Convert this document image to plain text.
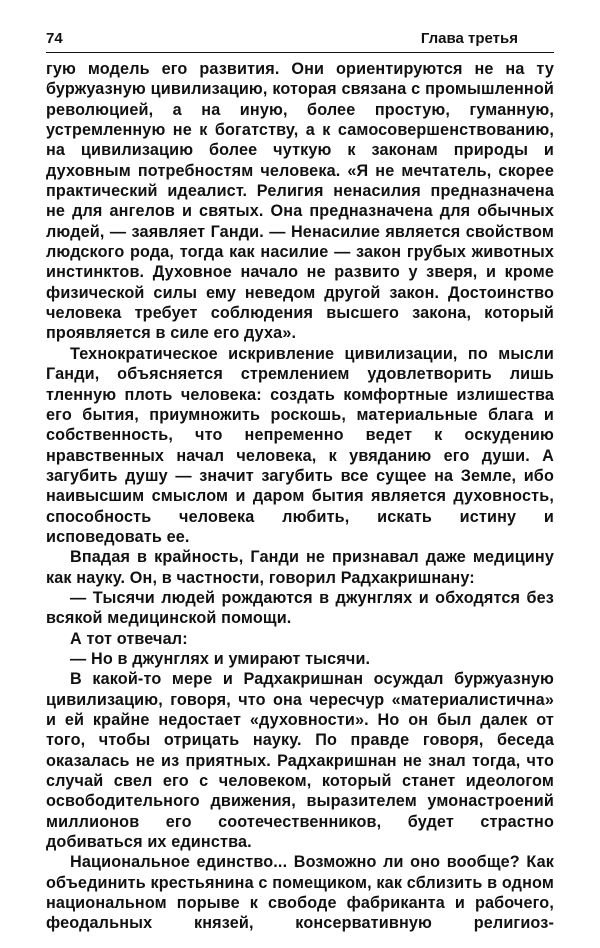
74	Глава третья

гую модель его развития. Они ориентируются не на ту буржуазную цивилизацию, которая связана с промышленной революцией, а на иную, более простую, гуманную, устремленную не к богатству, а к самосовершенствованию, на цивилизацию более чуткую к законам природы и духовным потребностям человека. «Я не мечтатель, скорее практический идеалист. Религия ненасилия предназначена не для ангелов и святых. Она предназначена для обычных людей, — заявляет Ганди. — Ненасилие является свойством людского рода, тогда как насилие — закон грубых животных инстинктов. Духовное начало не развито у зверя, и кроме физической силы ему неведом другой закон. Достоинство человека требует соблюдения высшего закона, который проявляется в силе его духа».

Технократическое искривление цивилизации, по мысли Ганди, объясняется стремлением удовлетворить лишь тленную плоть человека: создать комфортные излишества его бытия, приумножить роскошь, материальные блага и собственность, что непременно ведет к оскудению нравственных начал человека, к увяданию его души. А загубить душу — значит загубить все сущее на Земле, ибо наивысшим смыслом и даром бытия является духовность, способность человека любить, искать истину и исповедовать ее.

Впадая в крайность, Ганди не признавал даже медицину как науку. Он, в частности, говорил Радхакришнану:

— Тысячи людей рождаются в джунглях и обходятся без всякой медицинской помощи.

А тот отвечал:

— Но в джунглях и умирают тысячи.

В какой-то мере и Радхакришнан осуждал буржуазную цивилизацию, говоря, что она чересчур «материалистична» и ей крайне недостает «духовности». Но он был далек от того, чтобы отрицать науку. По правде говоря, беседа оказалась не из приятных. Радхакришнан не знал тогда, что случай свел его с человеком, который станет идеологом освободительного движения, выразителем умонастроений миллионов его соотечественников, будет страстно добиваться их единства.

Национальное единство... Возможно ли оно вообще? Как объединить крестьянина с помещиком, как сблизить в одном национальном порыве к свободе фабриканта и рабочего, феодальных князей, консервативную религиоз-
